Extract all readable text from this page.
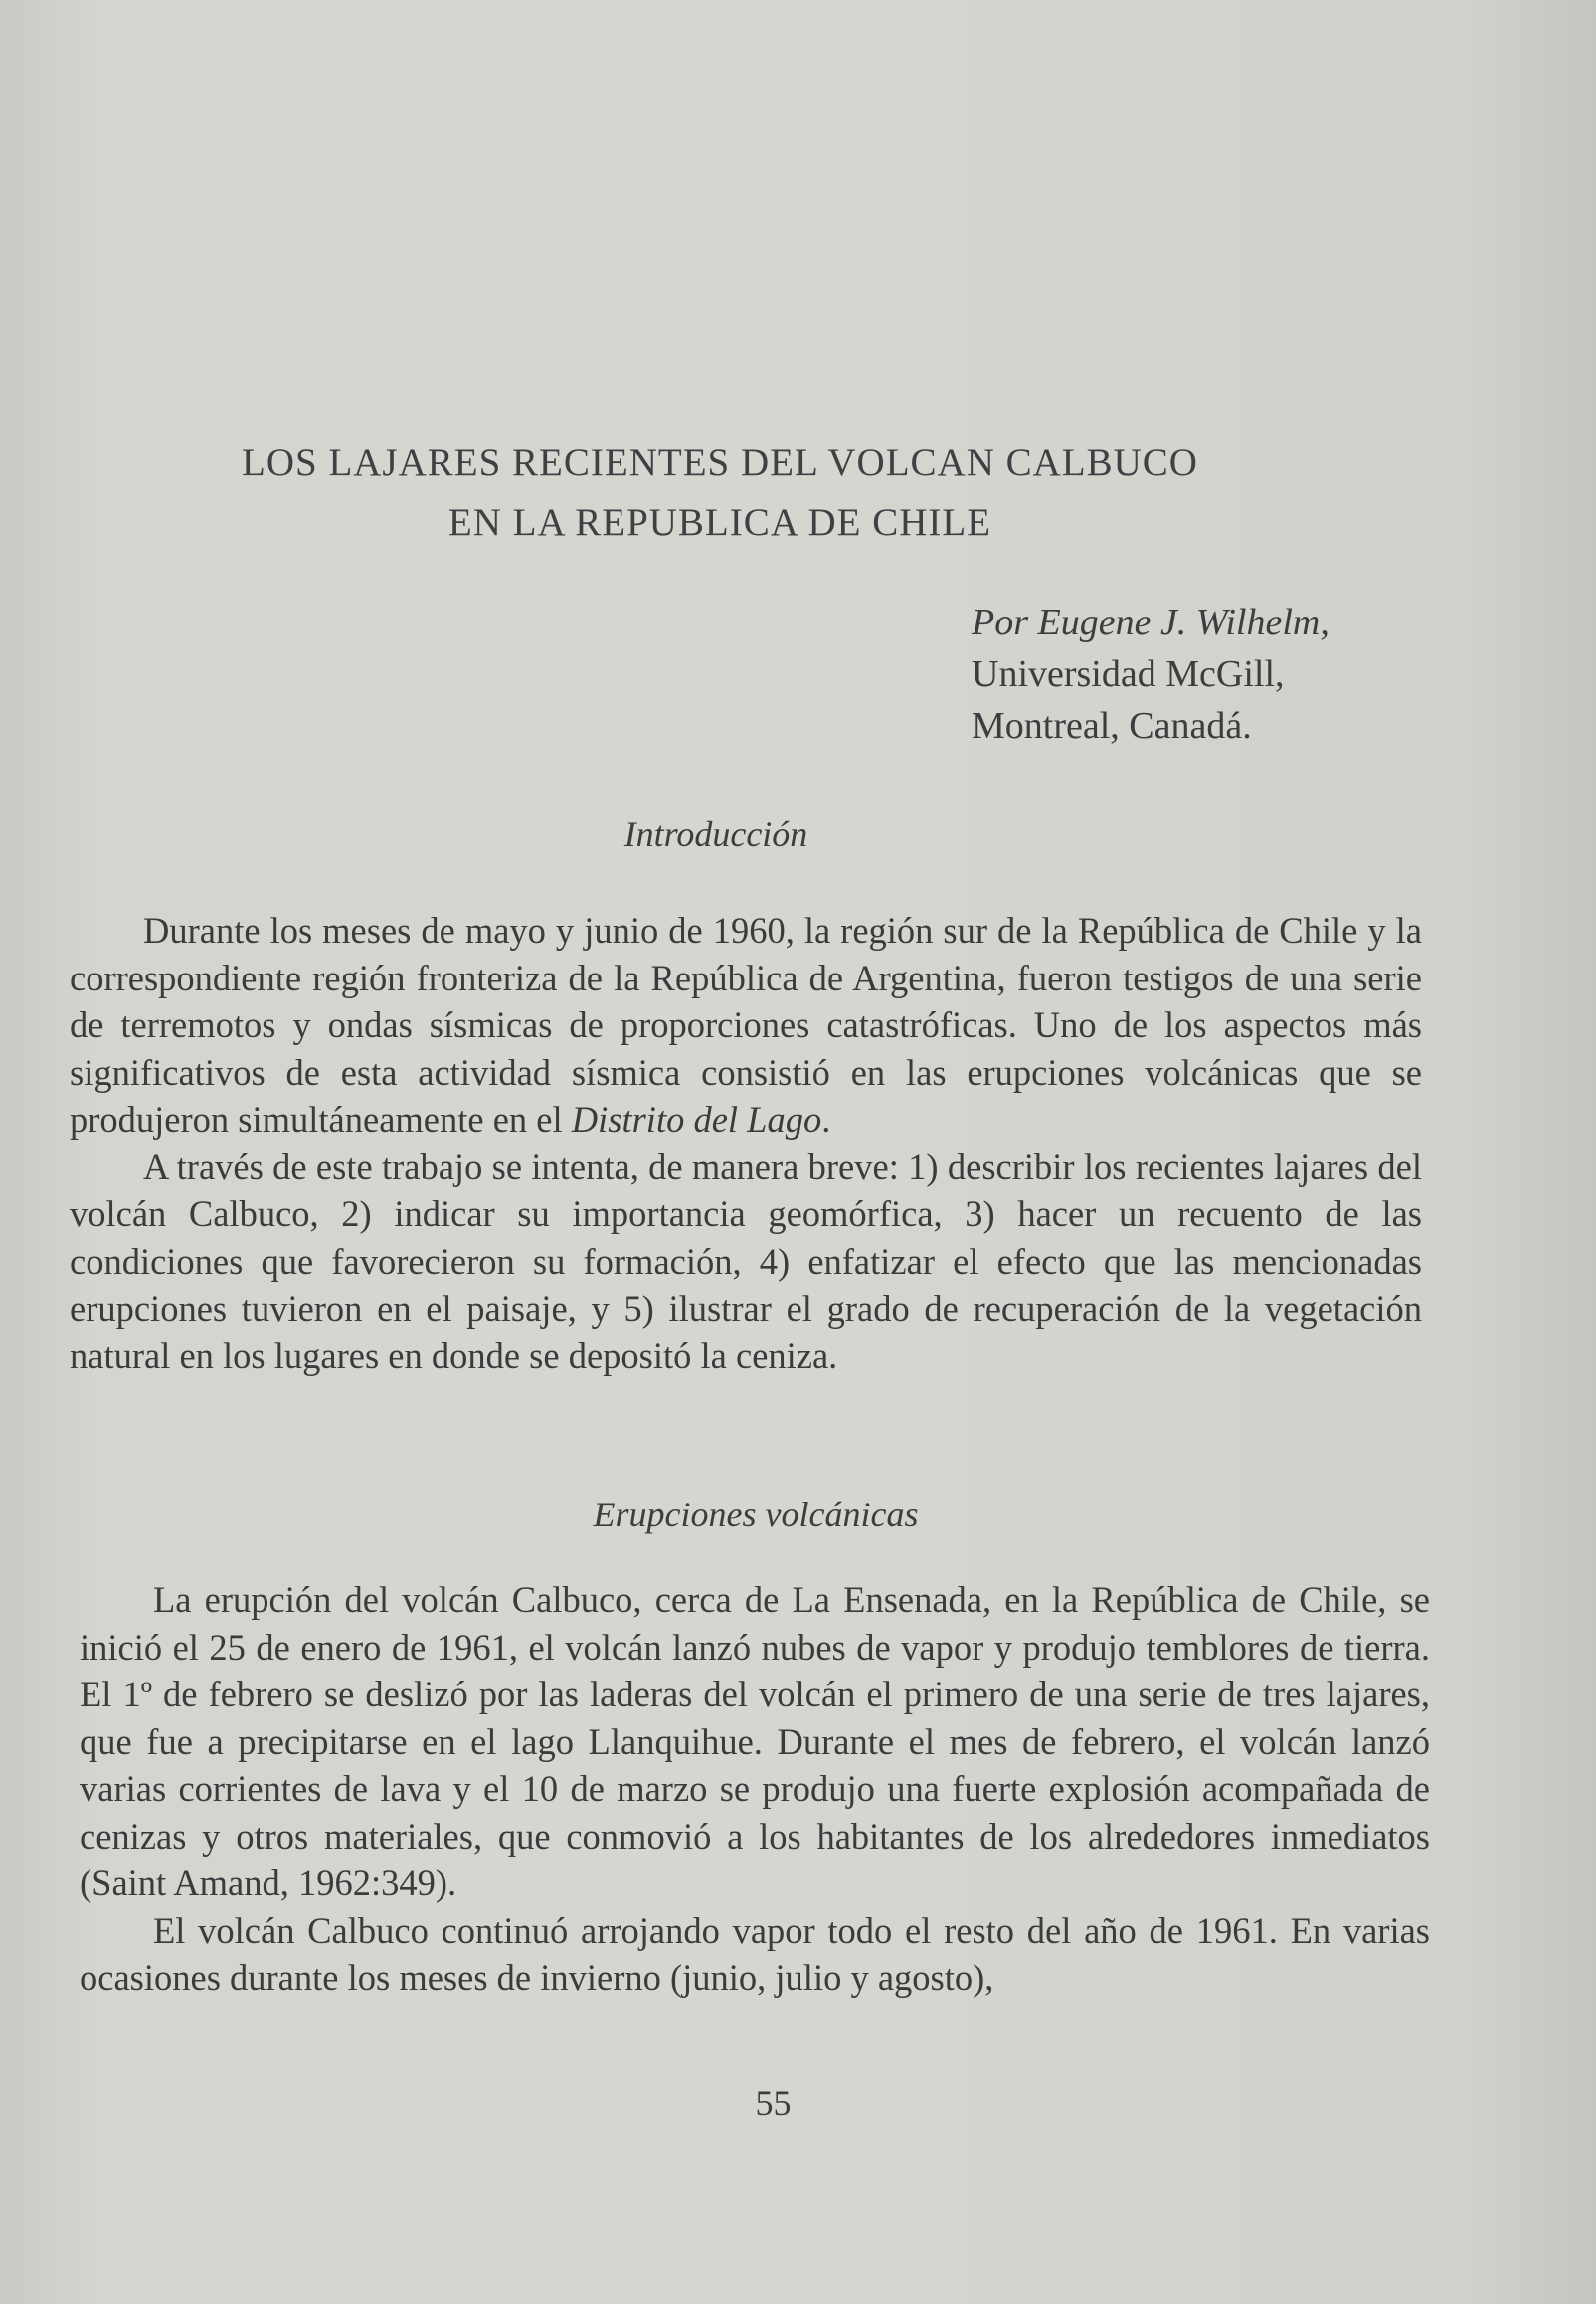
LOS LAJARES RECIENTES DEL VOLCAN CALBUCO
EN LA REPUBLICA DE CHILE
Por Eugene J. Wilhelm,
Universidad McGill,
Montreal, Canadá.
Introducción

Durante los meses de mayo y junio de 1960, la región sur de la República de Chile y la correspondiente región fronteriza de la República de Argentina, fueron testigos de una serie de terremotos y ondas sísmicas de proporciones catastróficas. Uno de los aspectos más significativos de esta actividad sísmica consistió en las erupciones volcánicas que se produjeron simultáneamente en el Distrito del Lago.

A través de este trabajo se intenta, de manera breve: 1) describir los recientes lajares del volcán Calbuco, 2) indicar su importancia geomórfica, 3) hacer un recuento de las condiciones que favorecieron su formación, 4) enfatizar el efecto que las mencionadas erupciones tuvieron en el paisaje, y 5) ilustrar el grado de recuperación de la vegetación natural en los lugares en donde se depositó la ceniza.

Erupciones volcánicas

La erupción del volcán Calbuco, cerca de La Ensenada, en la República de Chile, se inició el 25 de enero de 1961, el volcán lanzó nubes de vapor y produjo temblores de tierra. El 1º de febrero se deslizó por las laderas del volcán el primero de una serie de tres lajares, que fue a precipitarse en el lago Llanquihue. Durante el mes de febrero, el volcán lanzó varias corrientes de lava y el 10 de marzo se produjo una fuerte explosión acompañada de cenizas y otros materiales, que conmovió a los habitantes de los alrededores inmediatos (Saint Amand, 1962:349).

El volcán Calbuco continuó arrojando vapor todo el resto del año de 1961. En varias ocasiones durante los meses de invierno (junio, julio y agosto),

55
